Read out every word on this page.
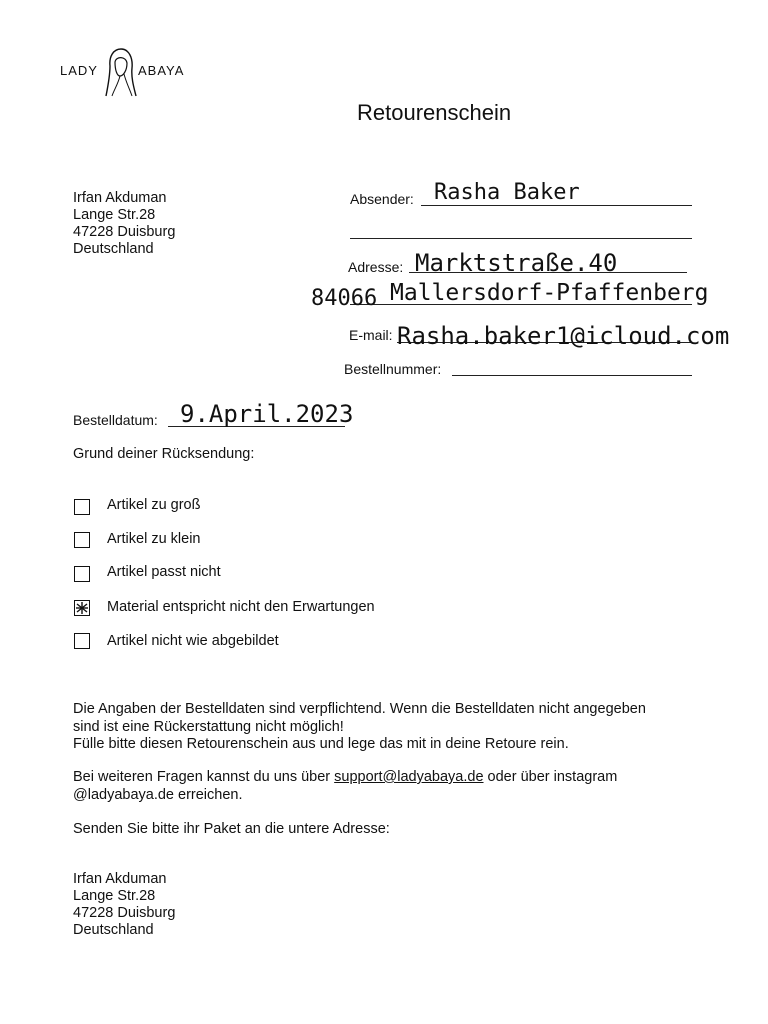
LADY	ABAYA
Retourenschein
Irfan Akduman
Lange Str.28
47228 Duisburg
Deutschland
Absender: Rasha Baker
Adresse: Marktstraße.40
84066 Mallersdorf-Pfaffenberg
E-mail: Rasha.baker1@icloud.com
Bestellnummer:
Bestelldatum: 9.April.2023
Grund deiner Rücksendung:
Artikel zu groß
Artikel zu klein
Artikel passt nicht
Material entspricht nicht den Erwartungen
Artikel nicht wie abgebildet
Die Angaben der Bestelldaten sind verpflichtend. Wenn die Bestelldaten nicht angegeben
sind ist eine Rückerstattung nicht möglich!
Fülle bitte diesen Retourenschein aus und lege das mit in deine Retoure rein.
Bei weiteren Fragen kannst du uns über support@ladyabaya.de oder über instagram
@ladyabaya.de erreichen.
Senden Sie bitte ihr Paket an die untere Adresse:
Irfan Akduman
Lange Str.28
47228 Duisburg
Deutschland
